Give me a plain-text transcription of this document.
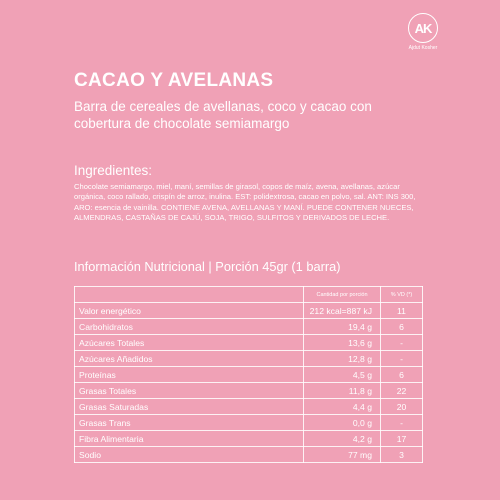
AK
Ajdut Kosher
CACAO Y AVELANAS
Barra de cereales de avellanas, coco y cacao con cobertura de chocolate semiamargo
Ingredientes:
Chocolate semiamargo, miel, maní, semillas de girasol, copos de maíz, avena, avellanas, azúcar orgánica, coco rallado, crispín de arroz, inulina. EST: polidextrosa, cacao en polvo, sal. ANT: INS 300, ARO: esencia de vainilla. CONTIENE AVENA, AVELLANAS Y MANÍ. PUEDE CONTENER NUECES, ALMENDRAS, CASTAÑAS DE CAJÚ, SOJA, TRIGO, SULFITOS Y DERIVADOS DE LECHE.
Información Nutricional | Porción 45gr (1 barra)
	Cantidad por porción	% VD (*)
Valor energético	212 kcal=887 kJ	11
Carbohidratos	19,4 g	6
Azúcares Totales	13,6 g	-
Azúcares Añadidos	12,8 g	-
Proteínas	4,5 g	6
Grasas Totales	11,8 g	22
Grasas Saturadas	4,4 g	20
Grasas Trans	0,0 g	-
Fibra Alimentaria	4,2 g	17
Sodio	77 mg	3
